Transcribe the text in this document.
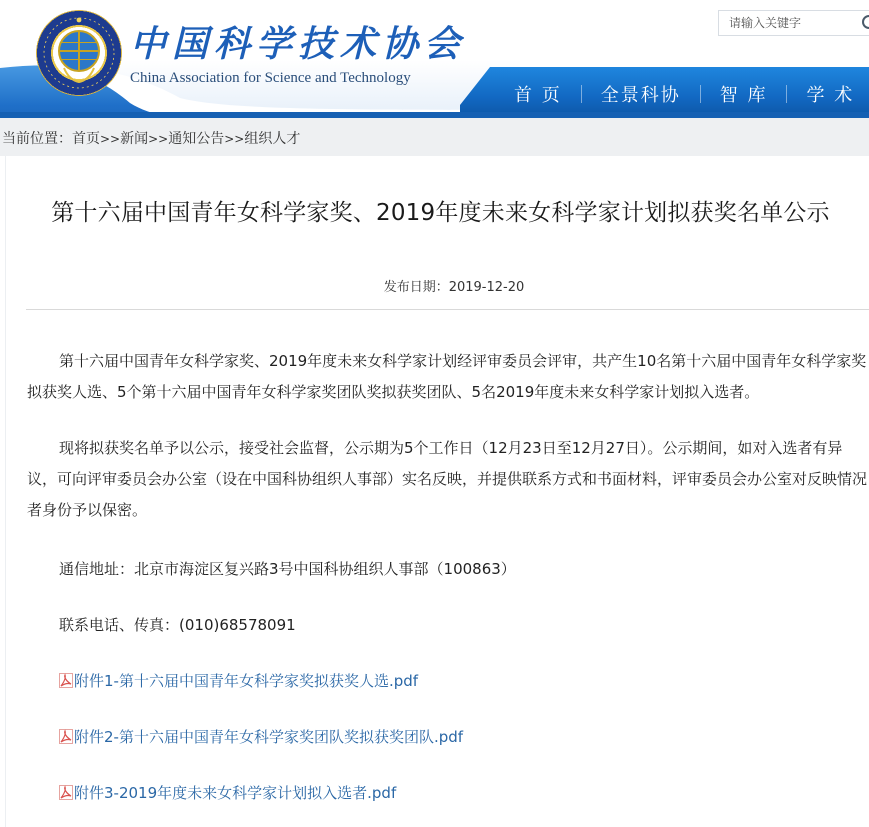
中国科学技术协会
China Association for Science and Technology
请输入关键字
首 页	全景科协	智 库	学 术
当前位置：首页>>新闻>>通知公告>>组织人才
第十六届中国青年女科学家奖、2019年度未来女科学家计划拟获奖名单公示
发布日期：2019-12-20

第十六届中国青年女科学家奖、2019年度未来女科学家计划经评审委员会评审，共产生10名第十六届中国青年女科学家奖拟获奖人选、5个第十六届中国青年女科学家奖团队奖拟获奖团队、5名2019年度未来女科学家计划拟入选者。

现将拟获奖名单予以公示，接受社会监督，公示期为5个工作日（12月23日至12月27日）。公示期间，如对入选者有异议，可向评审委员会办公室（设在中国科协组织人事部）实名反映，并提供联系方式和书面材料，评审委员会办公室对反映情况者身份予以保密。

通信地址：北京市海淀区复兴路3号中国科协组织人事部（100863）
联系电话、传真：(010)68578091
附件1-第十六届中国青年女科学家奖拟获奖人选.pdf
附件2-第十六届中国青年女科学家奖团队奖拟获奖团队.pdf
附件3-2019年度未来女科学家计划拟入选者.pdf
